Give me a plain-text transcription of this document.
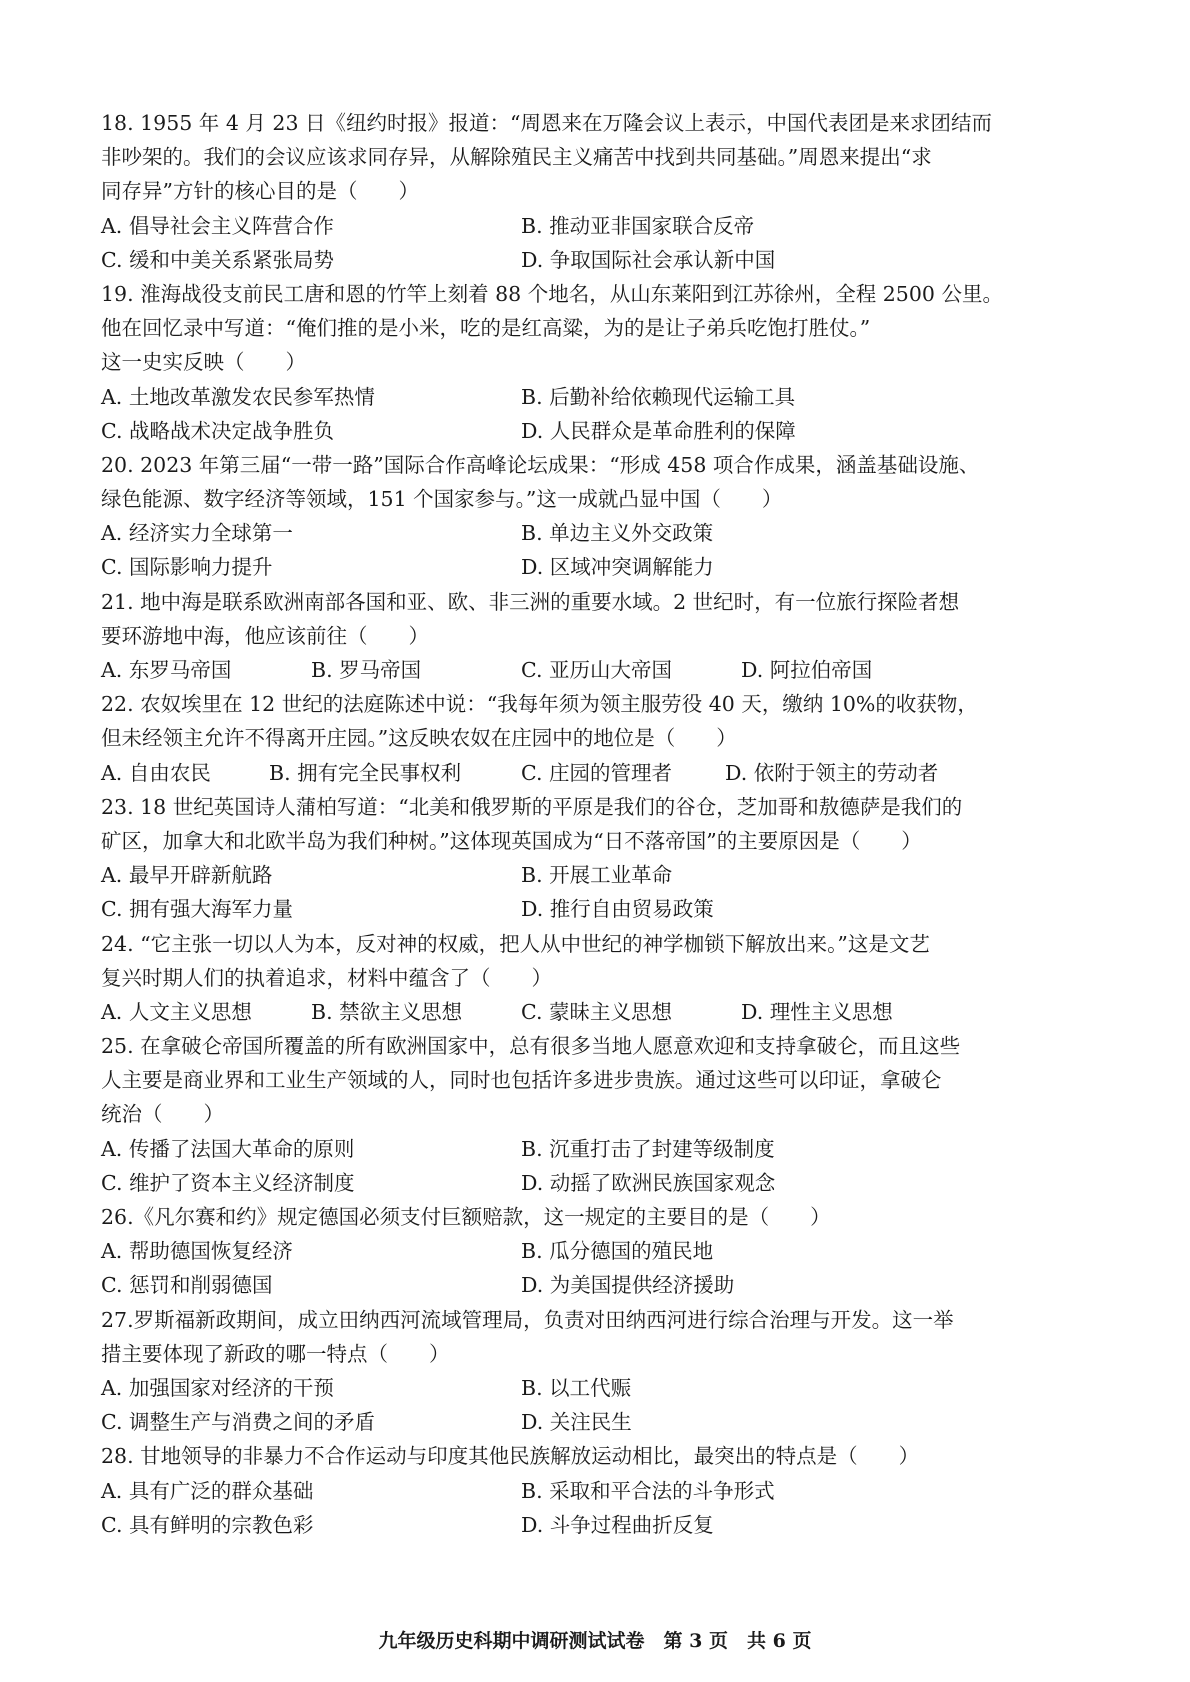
18. 1955 年 4 月 23 日《纽约时报》报道：“周恩来在万隆会议上表示，中国代表团是来求团结而
非吵架的。我们的会议应该求同存异，从解除殖民主义痛苦中找到共同基础。”周恩来提出“求
同存异”方针的核心目的是（　　）
A. 倡导社会主义阵营合作	B. 推动亚非国家联合反帝
C. 缓和中美关系紧张局势	D. 争取国际社会承认新中国
19. 淮海战役支前民工唐和恩的竹竿上刻着 88 个地名，从山东莱阳到江苏徐州，全程 2500 公里。
他在回忆录中写道：“俺们推的是小米，吃的是红高粱，为的是让子弟兵吃饱打胜仗。”
这一史实反映（　　）
A. 土地改革激发农民参军热情	B. 后勤补给依赖现代运输工具
C. 战略战术决定战争胜负	D. 人民群众是革命胜利的保障
20. 2023 年第三届“一带一路”国际合作高峰论坛成果：“形成 458 项合作成果，涵盖基础设施、
绿色能源、数字经济等领域，151 个国家参与。”这一成就凸显中国（　　）
A. 经济实力全球第一	B. 单边主义外交政策
C. 国际影响力提升	D. 区域冲突调解能力
21. 地中海是联系欧洲南部各国和亚、欧、非三洲的重要水域。2 世纪时，有一位旅行探险者想
要环游地中海，他应该前往（　　）
A. 东罗马帝国	B. 罗马帝国	C. 亚历山大帝国	D. 阿拉伯帝国
22. 农奴埃里在 12 世纪的法庭陈述中说：“我每年须为领主服劳役 40 天，缴纳 10%的收获物，
但未经领主允许不得离开庄园。”这反映农奴在庄园中的地位是（　　）
A. 自由农民	B. 拥有完全民事权利	C. 庄园的管理者	D. 依附于领主的劳动者
23. 18 世纪英国诗人蒲柏写道：“北美和俄罗斯的平原是我们的谷仓，芝加哥和敖德萨是我们的
矿区，加拿大和北欧半岛为我们种树。”这体现英国成为“日不落帝国”的主要原因是（　　）
A. 最早开辟新航路	B. 开展工业革命
C. 拥有强大海军力量	D. 推行自由贸易政策
24. “它主张一切以人为本，反对神的权威，把人从中世纪的神学枷锁下解放出来。”这是文艺
复兴时期人们的执着追求，材料中蕴含了（　　）
A. 人文主义思想	B. 禁欲主义思想	C. 蒙昧主义思想	D. 理性主义思想
25. 在拿破仑帝国所覆盖的所有欧洲国家中，总有很多当地人愿意欢迎和支持拿破仑，而且这些
人主要是商业界和工业生产领域的人，同时也包括许多进步贵族。通过这些可以印证，拿破仑
统治（　　）
A. 传播了法国大革命的原则	B. 沉重打击了封建等级制度
C. 维护了资本主义经济制度	D. 动摇了欧洲民族国家观念
26.《凡尔赛和约》规定德国必须支付巨额赔款，这一规定的主要目的是（　　）
A. 帮助德国恢复经济	B. 瓜分德国的殖民地
C. 惩罚和削弱德国	D. 为美国提供经济援助
27.罗斯福新政期间，成立田纳西河流域管理局，负责对田纳西河进行综合治理与开发。这一举
措主要体现了新政的哪一特点（　　）
A. 加强国家对经济的干预	B. 以工代赈
C. 调整生产与消费之间的矛盾	D. 关注民生
28. 甘地领导的非暴力不合作运动与印度其他民族解放运动相比，最突出的特点是（　　）
A. 具有广泛的群众基础	B. 采取和平合法的斗争形式
C. 具有鲜明的宗教色彩	D. 斗争过程曲折反复
九年级历史科期中调研测试试卷　第 3 页　共 6 页
